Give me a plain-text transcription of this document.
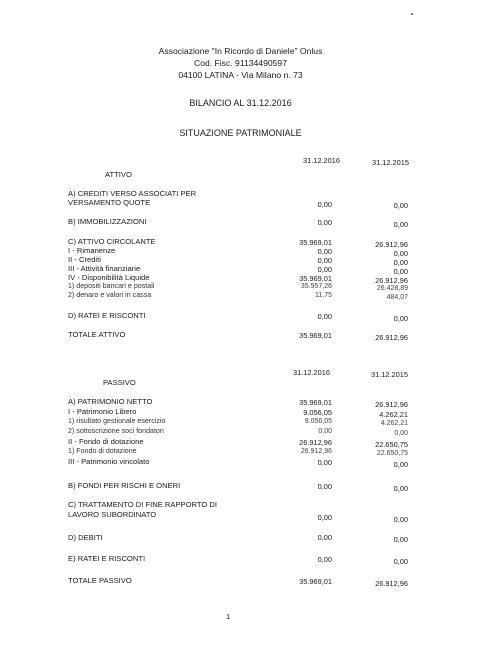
Associazione "In Ricordo di Daniele" Onlus
Cod. Fisc. 91134490597
04100 LATINA - Via Milano n. 73
BILANCIO AL 31.12.2016
SITUAZIONE PATRIMONIALE
31.12.2016	31.12.2015
ATTIVO
A) CREDITI VERSO ASSOCIATI PER
VERSAMENTO QUOTE	0,00	0,00
B) IMMOBILIZZAZIONI	0,00	0,00
C) ATTIVO CIRCOLANTE	35.969,01	26.912,96
I - Rimanenze	0,00	0,00
II - Crediti	0,00	0,00
III - Attività finanziarie	0,00	0,00
IV - Disponibilità Liquide	35.969,01	26.912,96
1) depositi bancari e postali	35.957,26	26.428,89
2) denaro e valori in cassa	11,75	484,07
D) RATEI E RISCONTI	0,00	0,00
TOTALE ATTIVO	35.969,01	26.912,96
31.12.2016	31.12.2015
PASSIVO
A) PATRIMONIO NETTO	35.969,01	26.912,96
I - Patrimonio Libero	9.056,05	4.262,21
1) risultato gestionale esercizio	9.056,05	4.262,21
2) sottoscrizione soci fondatori	0,00	0,00
II - Fondo di dotazione	26.912,96	22.650,75
1) Fondo di dotazione	26.912,96	22.650,75
III - Patrimonio vincolato	0,00	0,00
B) FONDI PER RISCHI E ONERI	0,00	0,00
C) TRATTAMENTO DI FINE RAPPORTO DI
LAVORO SUBORDINATO	0,00	0,00
D) DEBITI	0,00	0,00
E) RATEI E RISCONTI	0,00	0,00
TOTALE PASSIVO	35.969,01	26.912,96
1
